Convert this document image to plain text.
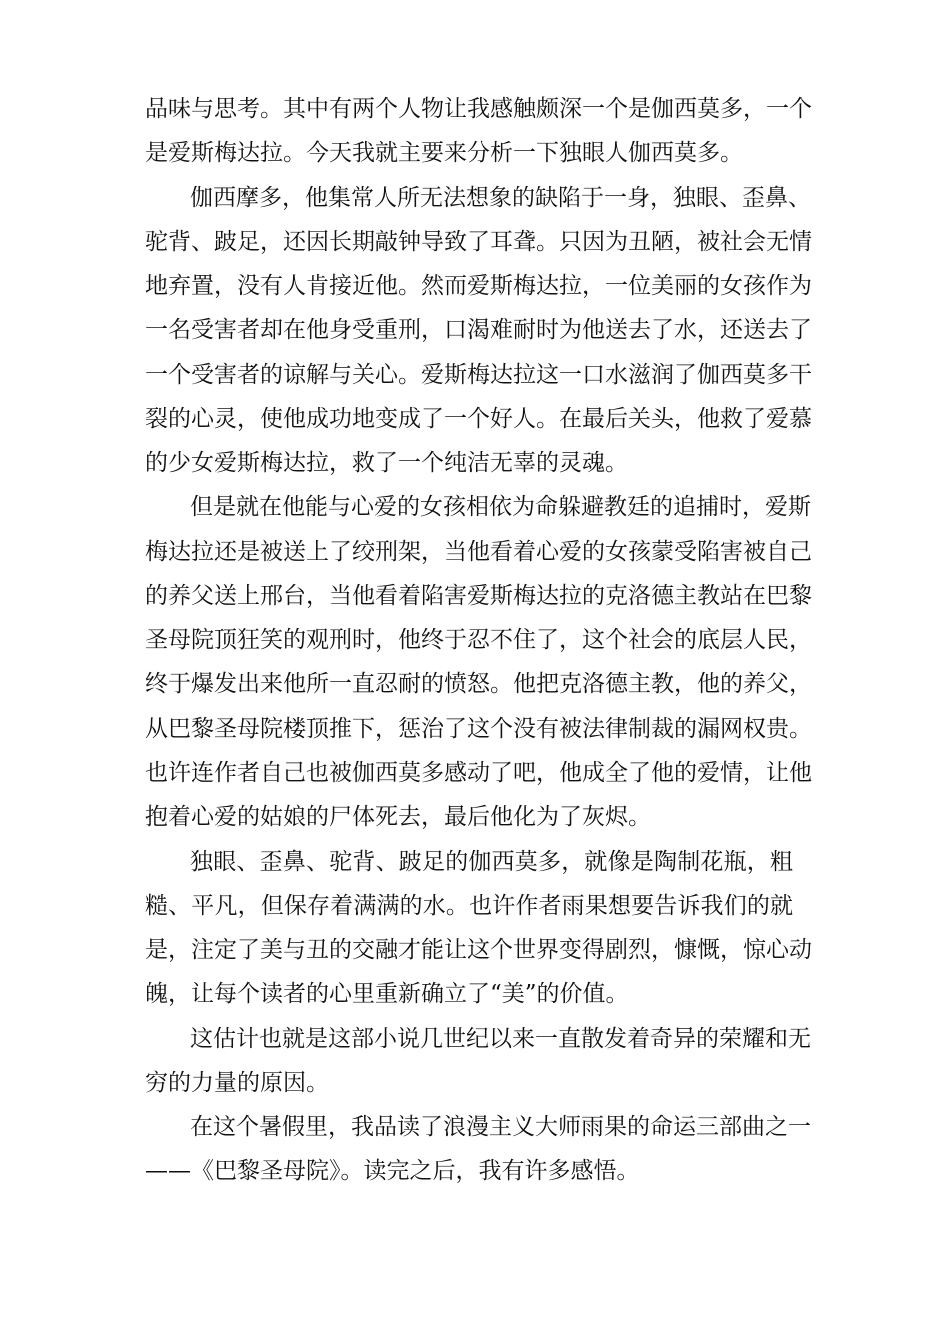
品味与思考。其中有两个人物让我感触颇深一个是伽西莫多，一个
是爱斯梅达拉。今天我就主要来分析一下独眼人伽西莫多。
伽西摩多，他集常人所无法想象的缺陷于一身，独眼、歪鼻、
驼背、跛足，还因长期敲钟导致了耳聋。只因为丑陋，被社会无情
地弃置，没有人肯接近他。然而爱斯梅达拉，一位美丽的女孩作为
一名受害者却在他身受重刑，口渴难耐时为他送去了水，还送去了
一个受害者的谅解与关心。爱斯梅达拉这一口水滋润了伽西莫多干
裂的心灵，使他成功地变成了一个好人。在最后关头，他救了爱慕
的少女爱斯梅达拉，救了一个纯洁无辜的灵魂。
但是就在他能与心爱的女孩相依为命躲避教廷的追捕时，爱斯
梅达拉还是被送上了绞刑架，当他看着心爱的女孩蒙受陷害被自己
的养父送上邢台，当他看着陷害爱斯梅达拉的克洛德主教站在巴黎
圣母院顶狂笑的观刑时，他终于忍不住了，这个社会的底层人民，
终于爆发出来他所一直忍耐的愤怒。他把克洛德主教，他的养父，
从巴黎圣母院楼顶推下，惩治了这个没有被法律制裁的漏网权贵。
也许连作者自己也被伽西莫多感动了吧，他成全了他的爱情，让他
抱着心爱的姑娘的尸体死去，最后他化为了灰烬。
独眼、歪鼻、驼背、跛足的伽西莫多，就像是陶制花瓶，粗
糙、平凡，但保存着满满的水。也许作者雨果想要告诉我们的就
是，注定了美与丑的交融才能让这个世界变得剧烈，慷慨，惊心动
魄，让每个读者的心里重新确立了“美”的价值。
这估计也就是这部小说几世纪以来一直散发着奇异的荣耀和无
穷的力量的原因。
在这个暑假里，我品读了浪漫主义大师雨果的命运三部曲之一
——《巴黎圣母院》。读完之后，我有许多感悟。
